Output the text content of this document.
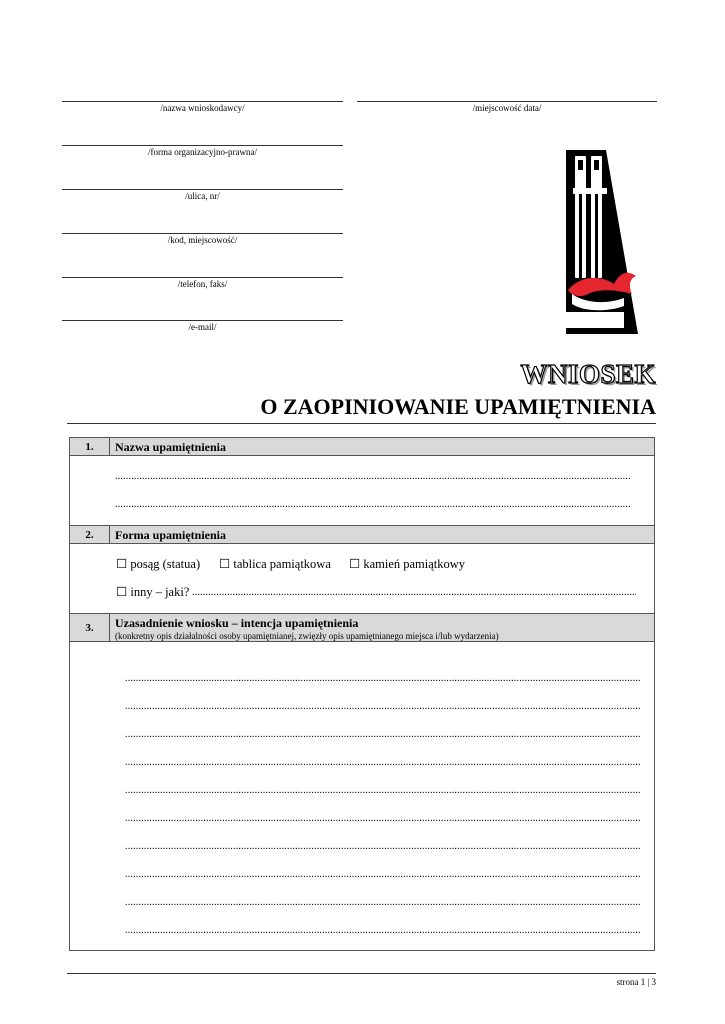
/nazwa wnioskodawcy/
/forma organizacyjno-prawna/
/ulica, nr/
/kod, miejscowość/
/telefon, faks/
/e-mail/
/miejscowość data/
WNIOSEK
O ZAOPINIOWANIE UPAMIĘTNIENIA
1.	Nazwa upamiętnienia
.....
.....
2.	Forma upamiętnienia
☐ posąg (statua) ☐ tablica pamiątkowa ☐ kamień pamiątkowy
☐ inny – jaki?
.....
3.	Uzasadnienie wniosku – intencja upamiętnienia
(konkretny opis działalności osoby upamiętnianej, zwięzły opis upamiętnianego miejsca i/lub wydarzenia)
.....
.....
.....
.....
.....
.....
.....
.....
.....
.....
strona 1 | 3
